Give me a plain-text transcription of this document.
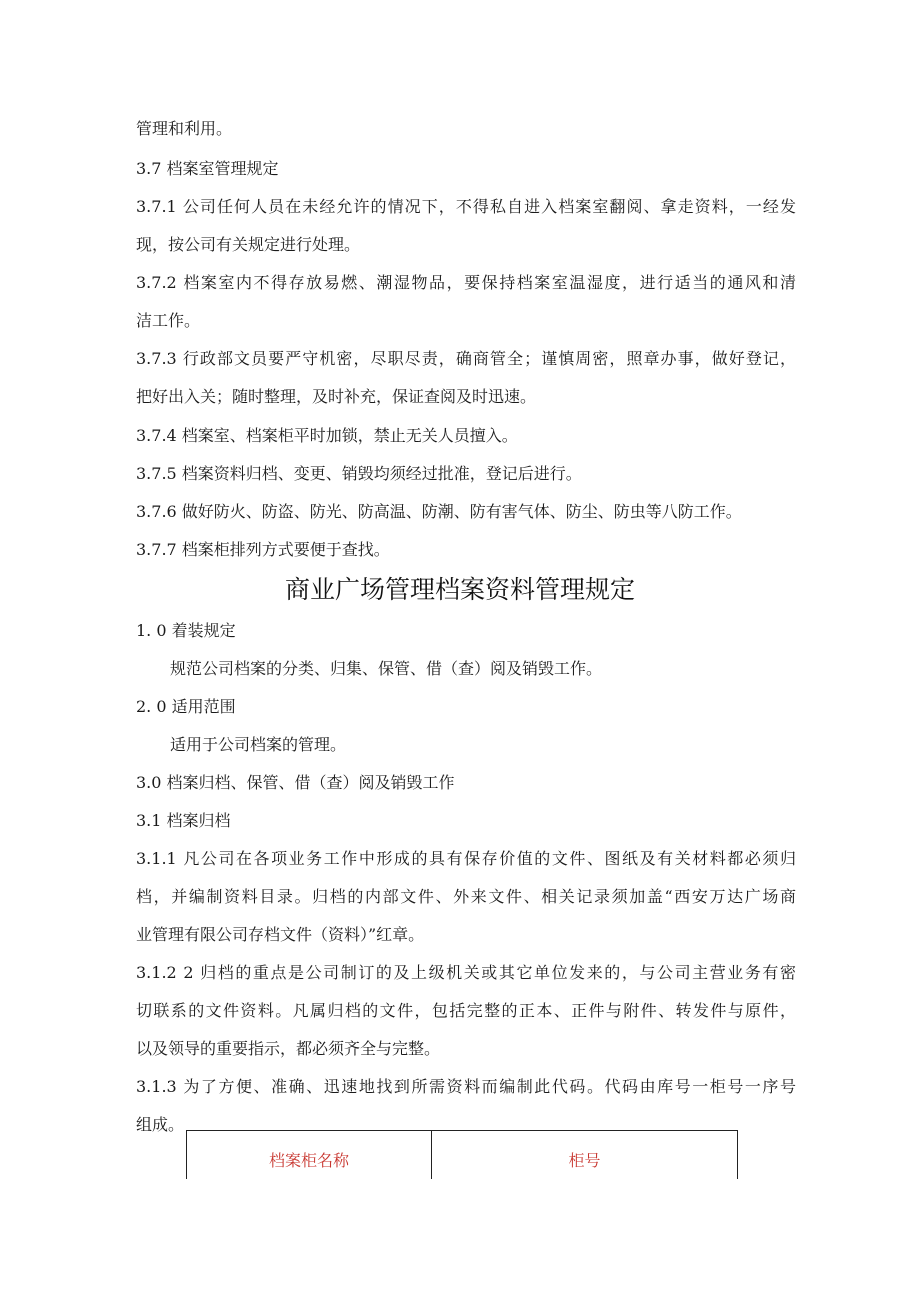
管理和利用。
3.7 档案室管理规定
3.7.1 公司任何人员在未经允许的情况下，不得私自进入档案室翻阅、拿走资料，一经发
现，按公司有关规定进行处理。
3.7.2 档案室内不得存放易燃、潮湿物品，要保持档案室温湿度，进行适当的通风和清
洁工作。
3.7.3 行政部文员要严守机密，尽职尽责，确商管全；谨慎周密，照章办事，做好登记，
把好出入关；随时整理，及时补充，保证查阅及时迅速。
3.7.4 档案室、档案柜平时加锁，禁止无关人员擅入。
3.7.5 档案资料归档、变更、销毁均须经过批准，登记后进行。
3.7.6 做好防火、防盗、防光、防高温、防潮、防有害气体、防尘、防虫等八防工作。
3.7.7 档案柜排列方式要便于查找。
商业广场管理档案资料管理规定
1. 0 着装规定
规范公司档案的分类、归集、保管、借（查）阅及销毁工作。
2. 0 适用范围
适用于公司档案的管理。
3.0 档案归档、保管、借（查）阅及销毁工作
3.1 档案归档
3.1.1 凡公司在各项业务工作中形成的具有保存价值的文件、图纸及有关材料都必须归
档，并编制资料目录。归档的内部文件、外来文件、相关记录须加盖“西安万达广场商
业管理有限公司存档文件（资料）”红章。
3.1.2 2 归档的重点是公司制订的及上级机关或其它单位发来的，与公司主营业务有密
切联系的文件资料。凡属归档的文件，包括完整的正本、正件与附件、转发件与原件，
以及领导的重要指示，都必须齐全与完整。
3.1.3 为了方便、准确、迅速地找到所需资料而编制此代码。代码由库号一柜号一序号
组成。
档案柜名称	柜号
